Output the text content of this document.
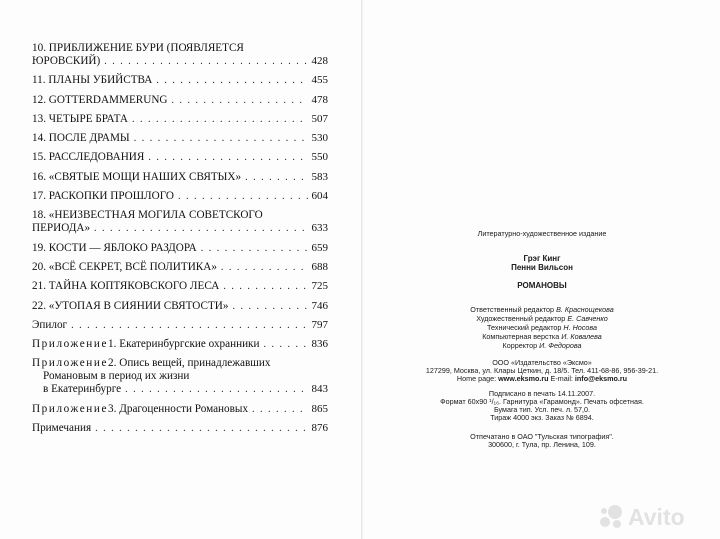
10. ПРИБЛИЖЕНИЕ БУРИ (ПОЯВЛЯЕТСЯ
ЮРОВСКИЙ) . . .	428
11. ПЛАНЫ УБИЙСТВА . . .	455
12. GOTTERDAMMERUNG . . .	478
13. ЧЕТЫРЕ БРАТА . . .	507
14. ПОСЛЕ ДРАМЫ . . .	530
15. РАССЛЕДОВАНИЯ . . .	550
16. «СВЯТЫЕ МОЩИ НАШИХ СВЯТЫХ» . . .	583
17. РАСКОПКИ ПРОШЛОГО . . .	604
18. «НЕИЗВЕСТНАЯ МОГИЛА СОВЕТСКОГО
ПЕРИОДА» . . .	633
19. КОСТИ — ЯБЛОКО РАЗДОРА . . .	659
20. «ВСЁ СЕКРЕТ, ВСЁ ПОЛИТИКА» . . .	688
21. ТАЙНА КОПТЯКОВСКОГО ЛЕСА . . .	725
22. «УТОПАЯ В СИЯНИИ СВЯТОСТИ» . . .	746
Эпилог . . .	797
Приложение 1. Екатеринбургские охранники . . .	836
Приложение 2. Опись вещей, принадлежавших
Романовым в период их жизни
в Екатеринбурге . . .	843
Приложение 3. Драгоценности Романовых . . .	865
Примечания . . .	876
Литературно-художественное издание
Грэг Кинг
Пенни Вильсон
РОМАНОВЫ
Ответственный редактор В. Краснощекова
Художественный редактор Е. Савченко
Технический редактор Н. Носова
Компьютерная верстка И. Ковалева
Корректор И. Федорова
ООО «Издательство «Эксмо»
127299, Москва, ул. Клары Цеткин, д. 18/5. Тел. 411-68-86, 956-39-21.
Home page: www.eksmo.ru E-mail: info@eksmo.ru
Подписано в печать 14.11.2007.
Формат 60х90 ¹/₁₆. Гарнитура «Гарамонд». Печать офсетная.
Бумага тип. Усл. печ. л. 57,0.
Тираж 4000 экз. Заказ № 6894.
Отпечатано в ОАО "Тульская типография".
300600, г. Тула, пр. Ленина, 109.
Avito
